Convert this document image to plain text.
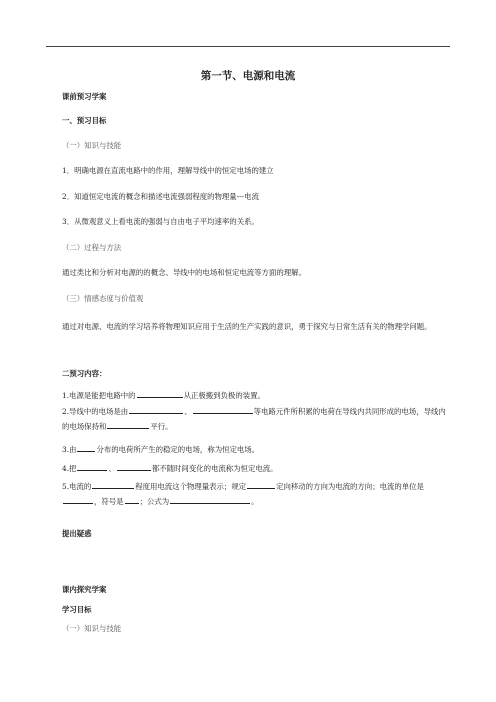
第一节、电源和电流
课前预习学案
一、预习目标
（一）知识与技能
1．明确电源在直流电路中的作用，理解导线中的恒定电场的建立
2．知道恒定电流的概念和描述电流强弱程度的物理量---电流
3．从微观意义上看电流的强弱与自由电子平均速率的关系。
（二）过程与方法
通过类比和分析对电源的的概念、导线中的电场和恒定电流等方面的理解。
（三）情感态度与价值观
通过对电源、电流的学习培养将物理知识应用于生活的生产实践的意识，勇于探究与日常生活有关的物理学问题。
二预习内容：
1.电源是能把电路中的	从正极搬到负极的装置。
2.导线中的电场是由	、	等电路元件所积累的电荷在导线内共同形成的电场，导线内的电场保持和	平行。
3.由	分布的电荷所产生的稳定的电场，称为恒定电场。
4.把	、	都不随时间变化的电流称为恒定电流。
5.电流的	程度用电流这个物理量表示；规定	定向移动的方向为电流的方向；电流的单位是，符号是 ；公式为	。
提出疑惑
课内探究学案
学习目标
（一）知识与技能
